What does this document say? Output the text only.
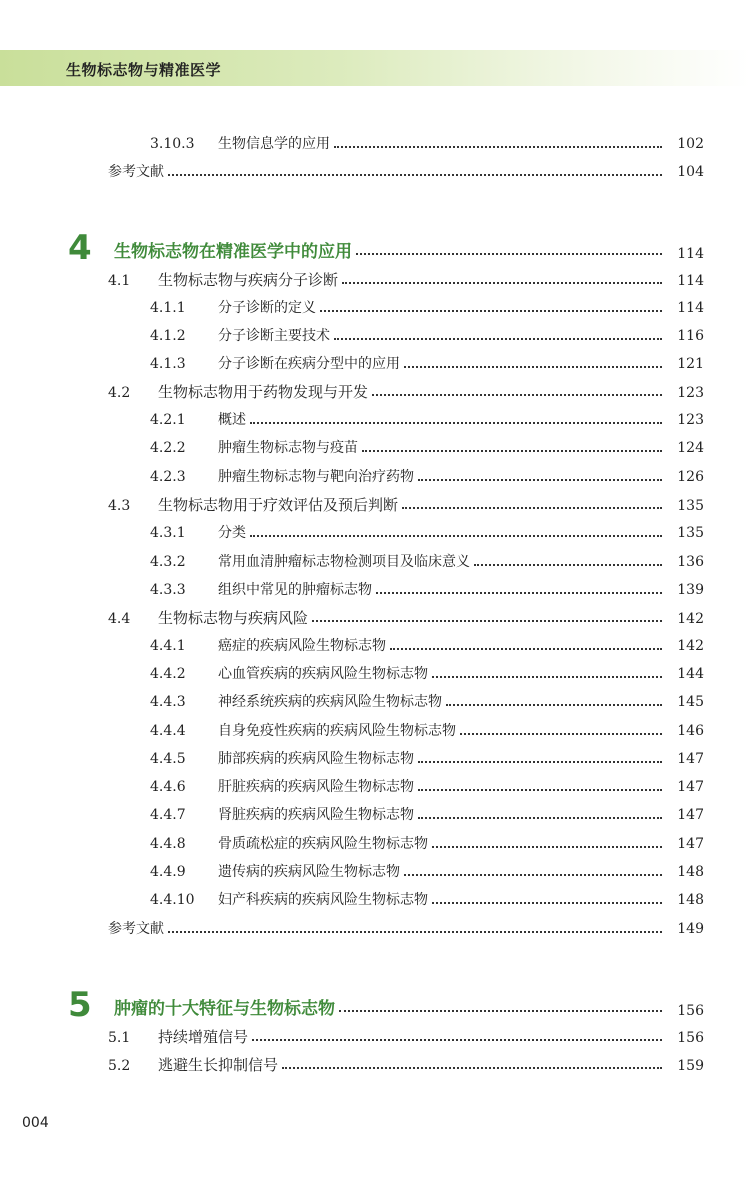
生物标志物与精准医学
3.10.3	生物信息学的应用	102
参考文献	104
4	生物标志物在精准医学中的应用	114
4.1	生物标志物与疾病分子诊断	114
4.1.1	分子诊断的定义	114
4.1.2	分子诊断主要技术	116
4.1.3	分子诊断在疾病分型中的应用	121
4.2	生物标志物用于药物发现与开发	123
4.2.1	概述	123
4.2.2	肿瘤生物标志物与疫苗	124
4.2.3	肿瘤生物标志物与靶向治疗药物	126
4.3	生物标志物用于疗效评估及预后判断	135
4.3.1	分类	135
4.3.2	常用血清肿瘤标志物检测项目及临床意义	136
4.3.3	组织中常见的肿瘤标志物	139
4.4	生物标志物与疾病风险	142
4.4.1	癌症的疾病风险生物标志物	142
4.4.2	心血管疾病的疾病风险生物标志物	144
4.4.3	神经系统疾病的疾病风险生物标志物	145
4.4.4	自身免疫性疾病的疾病风险生物标志物	146
4.4.5	肺部疾病的疾病风险生物标志物	147
4.4.6	肝脏疾病的疾病风险生物标志物	147
4.4.7	肾脏疾病的疾病风险生物标志物	147
4.4.8	骨质疏松症的疾病风险生物标志物	147
4.4.9	遗传病的疾病风险生物标志物	148
4.4.10	妇产科疾病的疾病风险生物标志物	148
参考文献	149
5	肿瘤的十大特征与生物标志物	156
5.1	持续增殖信号	156
5.2	逃避生长抑制信号	159
004
